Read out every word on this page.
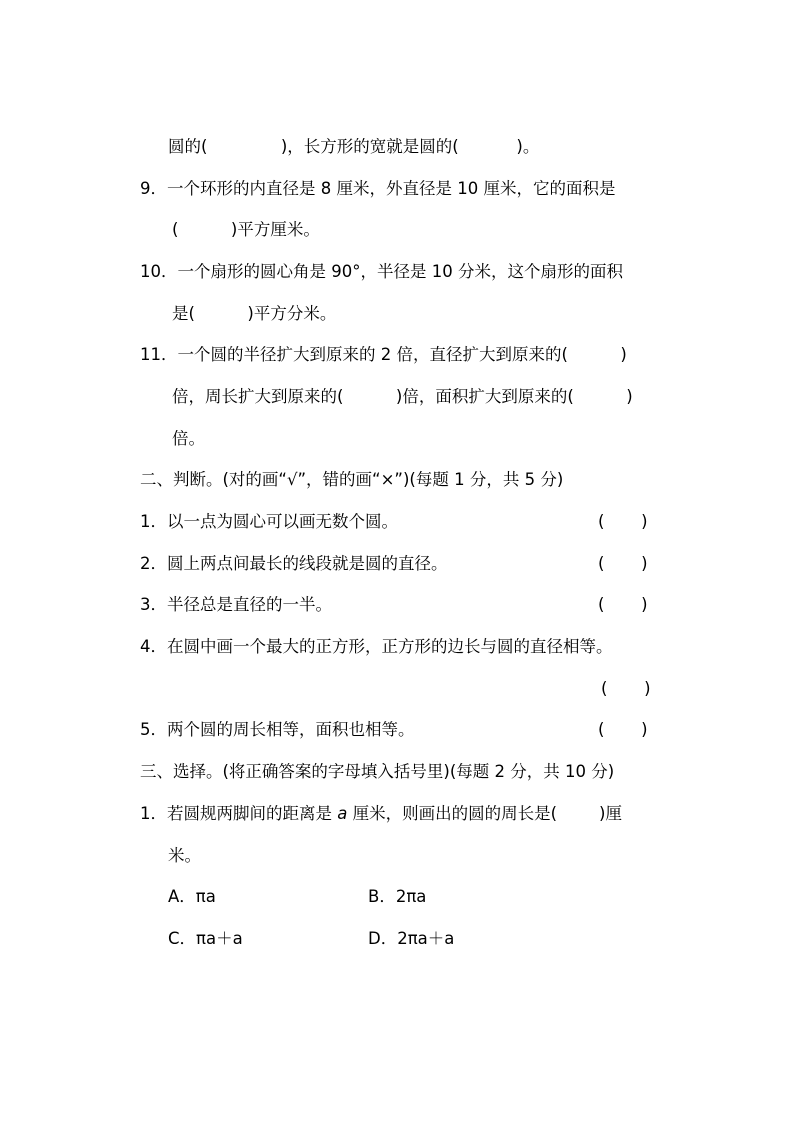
圆的(              )，长方形的宽就是圆的(           )。
9．一个环形的内直径是 8 厘米，外直径是 10 厘米，它的面积是
(          )平方厘米。
10．一个扇形的圆心角是 90°，半径是 10 分米，这个扇形的面积
是(          )平方分米。
11．一个圆的半径扩大到原来的 2 倍，直径扩大到原来的(          )
倍，周长扩大到原来的(          )倍，面积扩大到原来的(          )
倍。
二、判断。(对的画“√”，错的画“×”)(每题 1 分，共 5 分)
1．以一点为圆心可以画无数个圆。	(       )
2．圆上两点间最长的线段就是圆的直径。	(       )
3．半径总是直径的一半。	(       )
4．在圆中画一个最大的正方形，正方形的边长与圆的直径相等。
(       )
5．两个圆的周长相等，面积也相等。	(       )
三、选择。(将正确答案的字母填入括号里)(每题 2 分，共 10 分)
1．若圆规两脚间的距离是 a 厘米，则画出的圆的周长是(        )厘
米。
A．πa	B．2πa
C．πa＋a	D．2πa＋a
